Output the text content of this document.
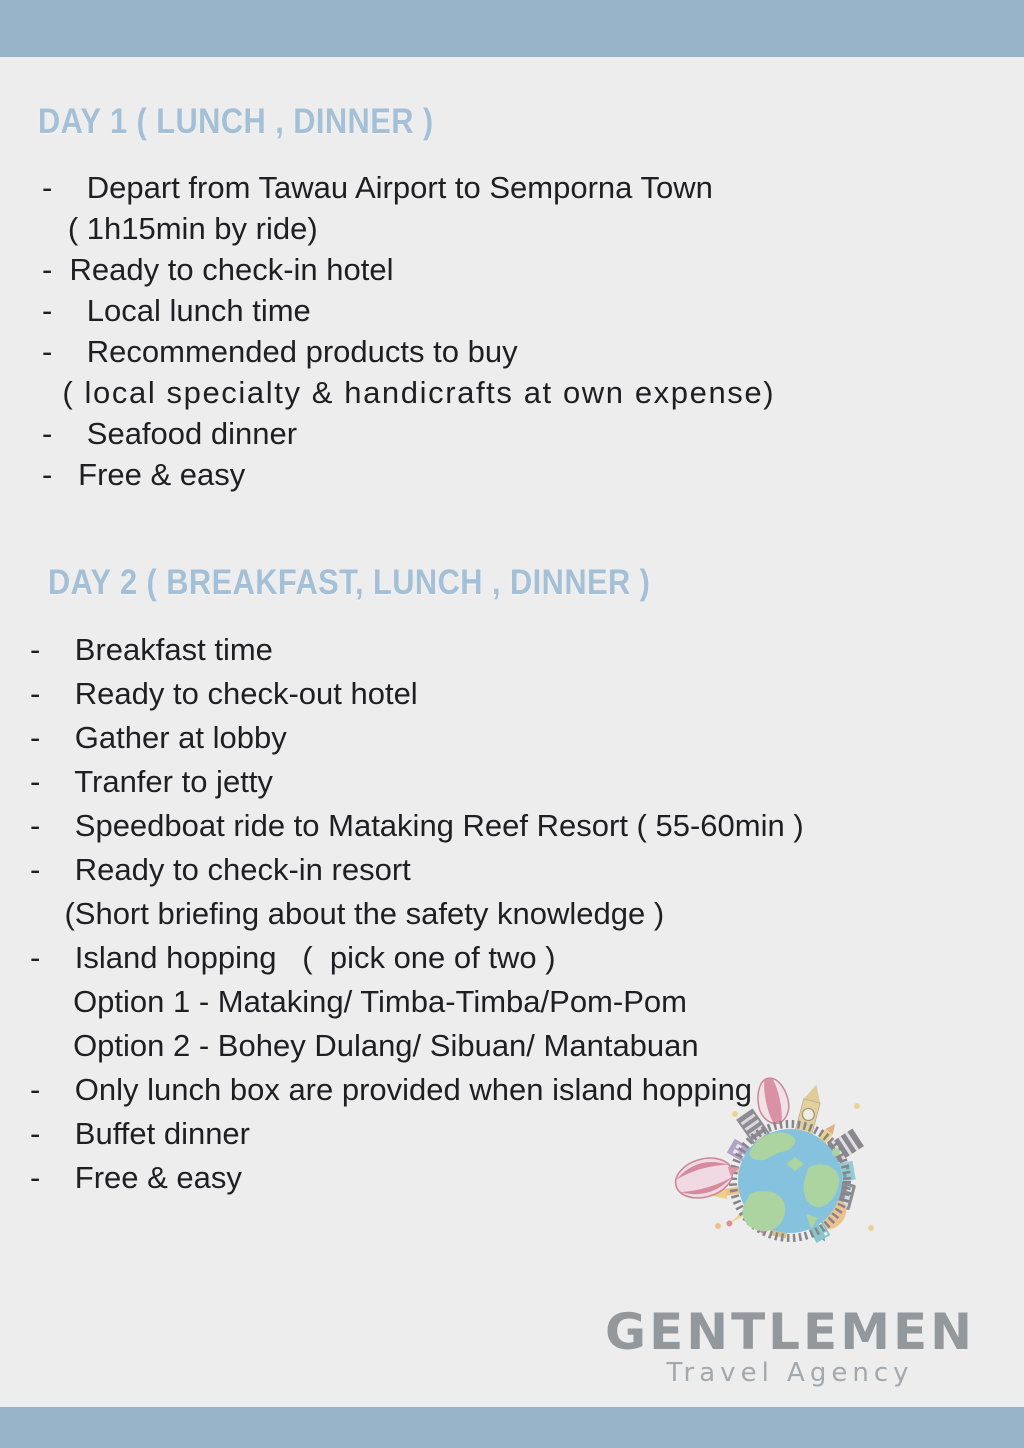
DAY 1 ( LUNCH , DINNER )
-    Depart from Tawau Airport to Semporna Town
( 1h15min by ride)
-  Ready to check-in hotel
-    Local lunch time
-    Recommended products to buy
( local specialty & handicrafts at own expense)
-    Seafood dinner
-   Free & easy
DAY 2 ( BREAKFAST, LUNCH , DINNER )
-    Breakfast time
-    Ready to check-out hotel
-    Gather at lobby
-    Tranfer to jetty
-    Speedboat ride to Mataking Reef Resort ( 55-60min )
-    Ready to check-in resort
(Short briefing about the safety knowledge )
-    Island hopping   (  pick one of two )
Option 1 - Mataking/ Timba-Timba/Pom-Pom
Option 2 - Bohey Dulang/ Sibuan/ Mantabuan
-    Only lunch box are provided when island hopping
-    Buffet dinner
-    Free & easy
GENTLEMEN
Travel Agency
